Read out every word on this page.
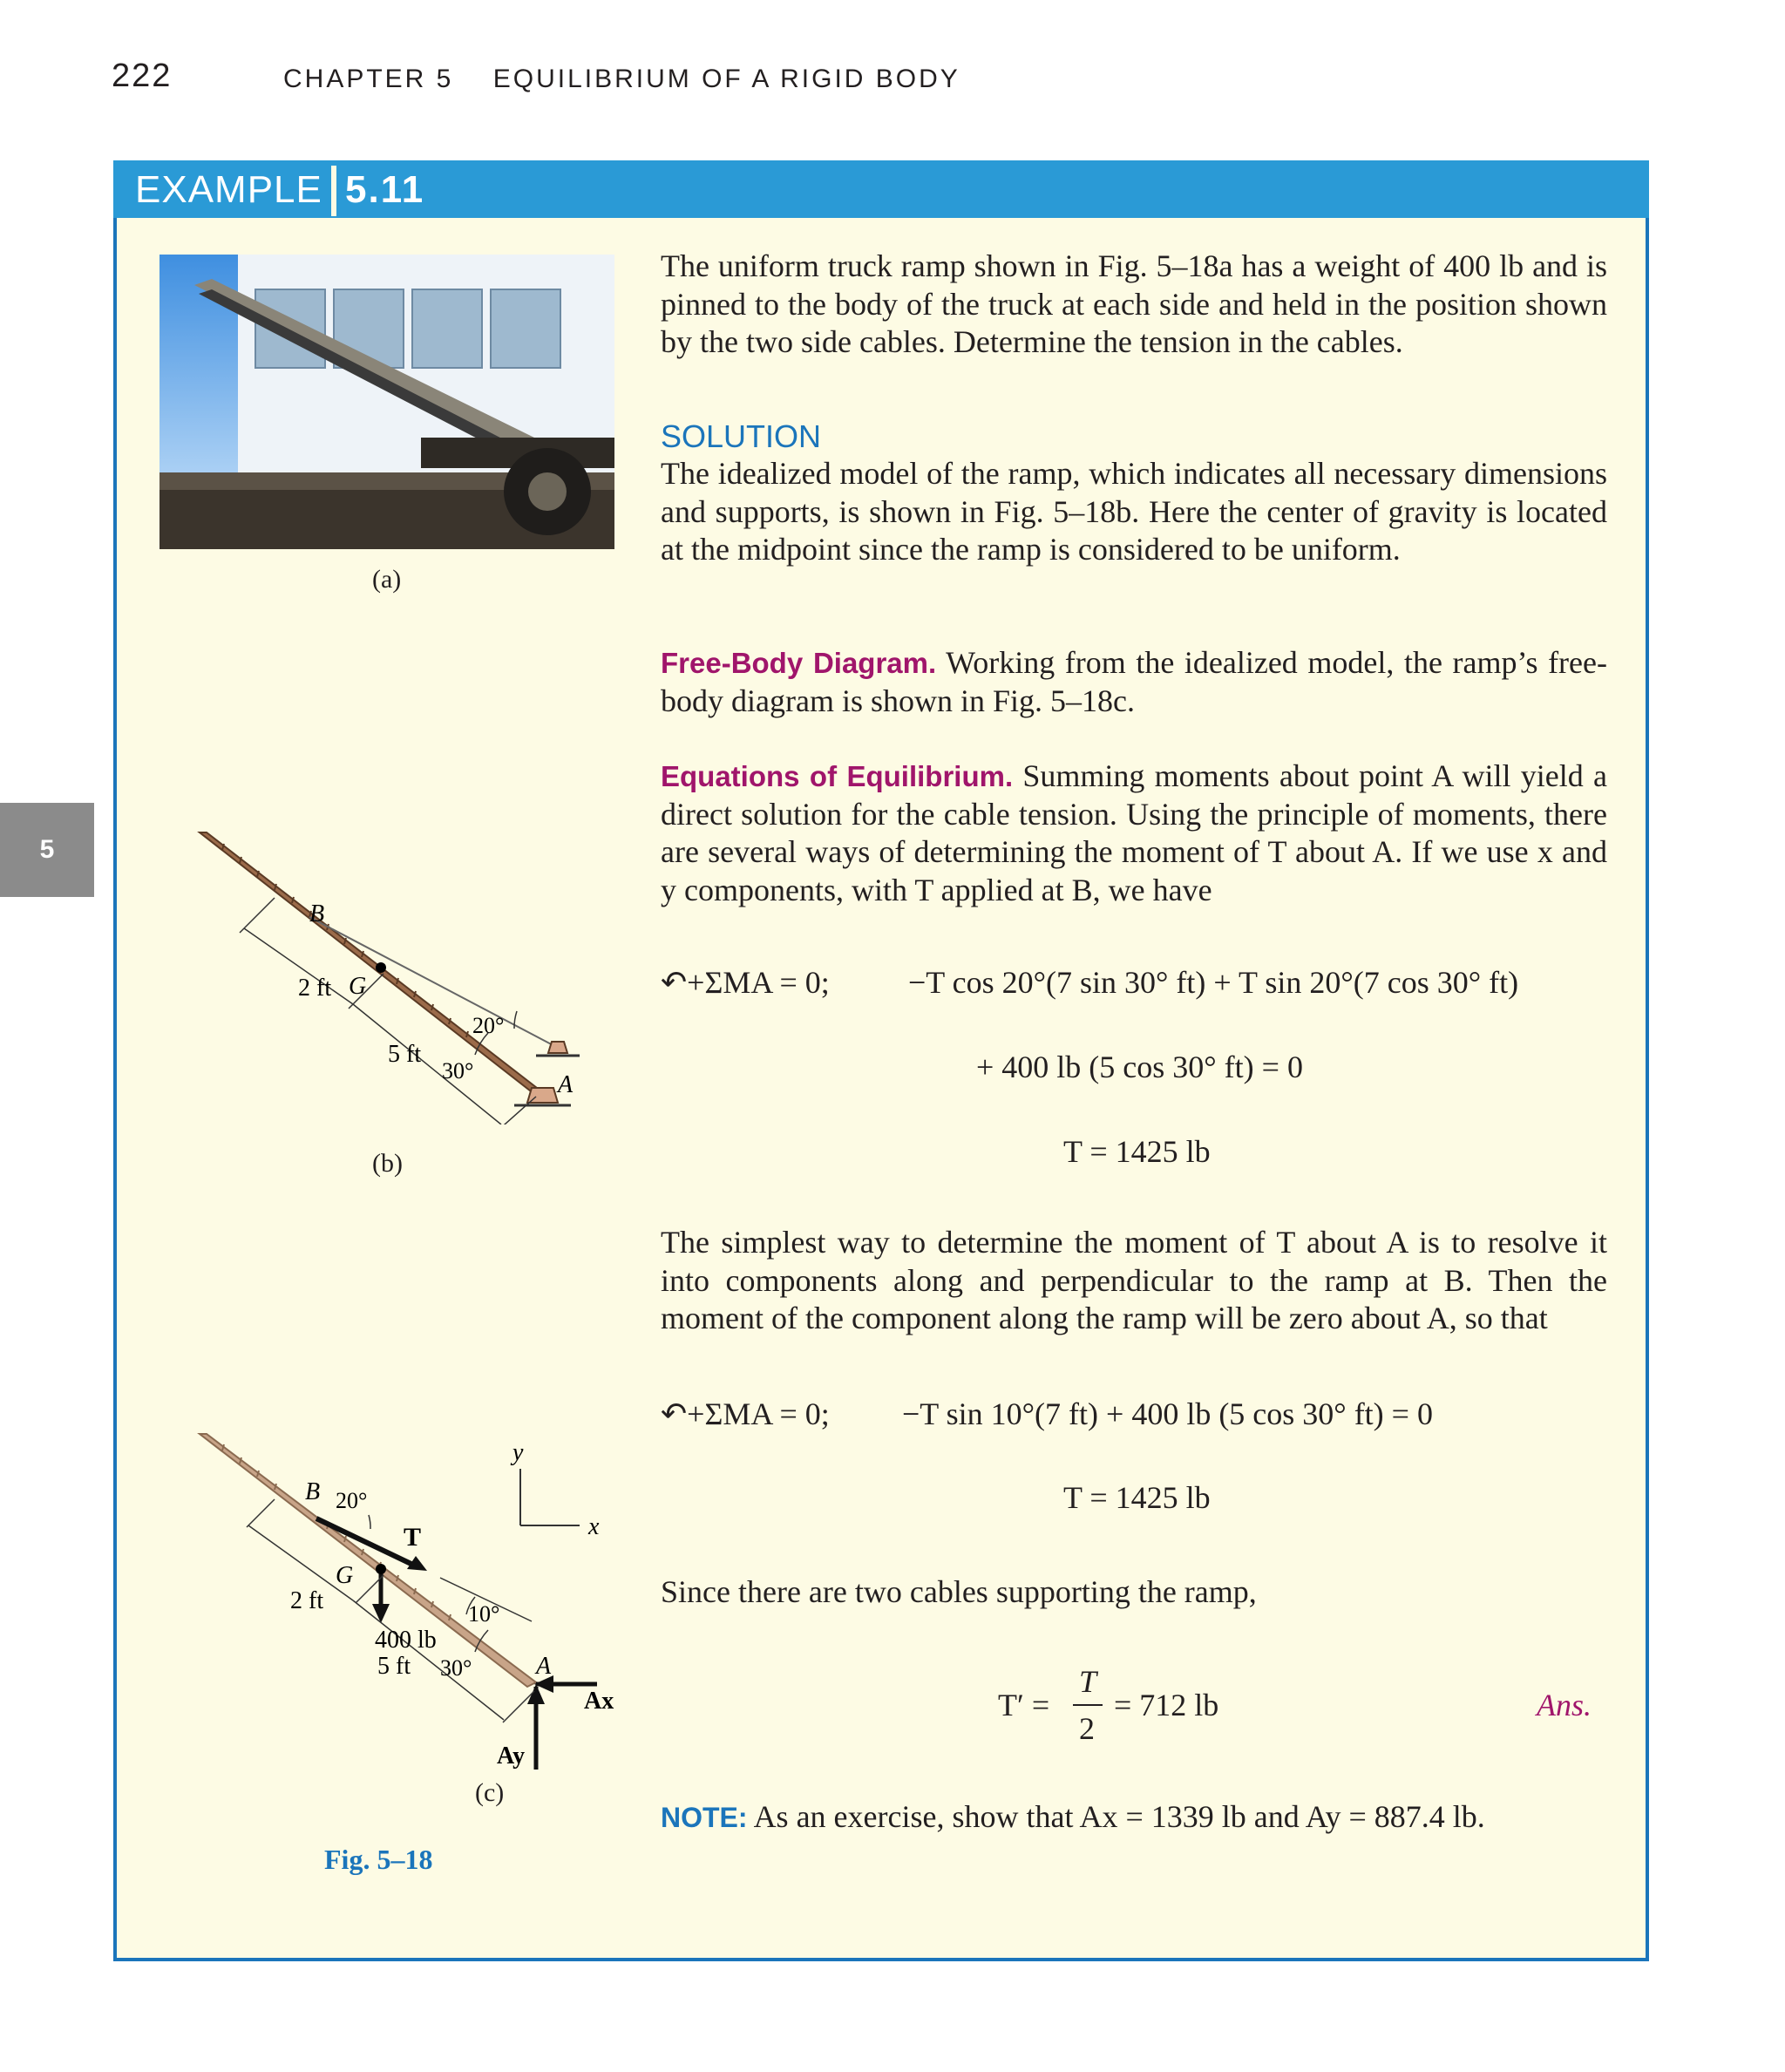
222	CHAPTER 5 EQUILIBRIUM OF A RIGID BODY
5
EXAMPLE 5.11
(a)
B
G
A
2 ft
5 ft
20°
30°
(b)
B
G
A
T
400 lb
2 ft
5 ft
20°
10°
30°
Ax
Ay
x
y
(c)
Fig. 5–18
The uniform truck ramp shown in Fig. 5–18a has a weight of 400 lb and is pinned to the body of the truck at each side and held in the position shown by the two side cables. Determine the tension in the cables.
SOLUTION
The idealized model of the ramp, which indicates all necessary dimensions and supports, is shown in Fig. 5–18b. Here the center of gravity is located at the midpoint since the ramp is considered to be uniform.
Free-Body Diagram. Working from the idealized model, the ramp’s free-body diagram is shown in Fig. 5–18c.
Equations of Equilibrium. Summing moments about point A will yield a direct solution for the cable tension. Using the principle of moments, there are several ways of determining the moment of T about A. If we use x and y components, with T applied at B, we have
↶+ΣMA = 0;	−T cos 20°(7 sin 30° ft) + T sin 20°(7 cos 30° ft)
+ 400 lb (5 cos 30° ft) = 0
T = 1425 lb
The simplest way to determine the moment of T about A is to resolve it into components along and perpendicular to the ramp at B. Then the moment of the component along the ramp will be zero about A, so that
↶+ΣMA = 0; −T sin 10°(7 ft) + 400 lb (5 cos 30° ft) = 0
T = 1425 lb
Since there are two cables supporting the ramp,
T′ =
T
2
= 712 lb	Ans.
NOTE: As an exercise, show that Ax = 1339 lb and Ay = 887.4 lb.
